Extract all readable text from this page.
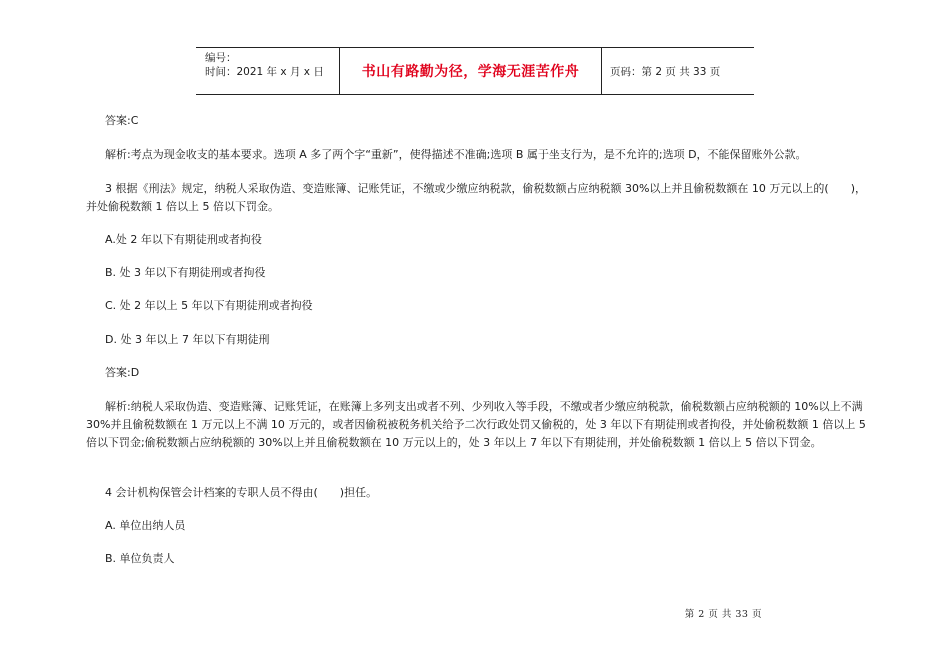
编号：
时间：2021 年 x 月 x 日	书山有路勤为径，学海无涯苦作舟	页码：第 2 页 共 33 页
答案:C
解析:考点为现金收支的基本要求。选项 A 多了两个字“重新”，使得描述不准确;选项 B 属于坐支行为，是不允许的;选项 D，不能保留账外公款。
3 根据《刑法》规定，纳税人采取伪造、变造账簿、记账凭证，不缴或少缴应纳税款，偷税数额占应纳税额 30%以上并且偷税数额在 10 万元以上的(　　)，并处偷税数额 1 倍以上 5 倍以下罚金。
A.处 2 年以下有期徒刑或者拘役
B. 处 3 年以下有期徒刑或者拘役
C. 处 2 年以上 5 年以下有期徒刑或者拘役
D. 处 3 年以上 7 年以下有期徒刑
答案:D
解析:纳税人采取伪造、变造账簿、记账凭证，在账簿上多列支出或者不列、少列收入等手段，不缴或者少缴应纳税款，偷税数额占应纳税额的 10%以上不满 30%并且偷税数额在 1 万元以上不满 10 万元的，或者因偷税被税务机关给予二次行政处罚又偷税的，处 3 年以下有期徒刑或者拘役，并处偷税数额 1 倍以上 5 倍以下罚金;偷税数额占应纳税额的 30%以上并且偷税数额在 10 万元以上的，处 3 年以上 7 年以下有期徒刑，并处偷税数额 1 倍以上 5 倍以下罚金。
4 会计机构保管会计档案的专职人员不得由(　　)担任。
A. 单位出纳人员
B. 单位负责人
第 2 页 共 33 页
